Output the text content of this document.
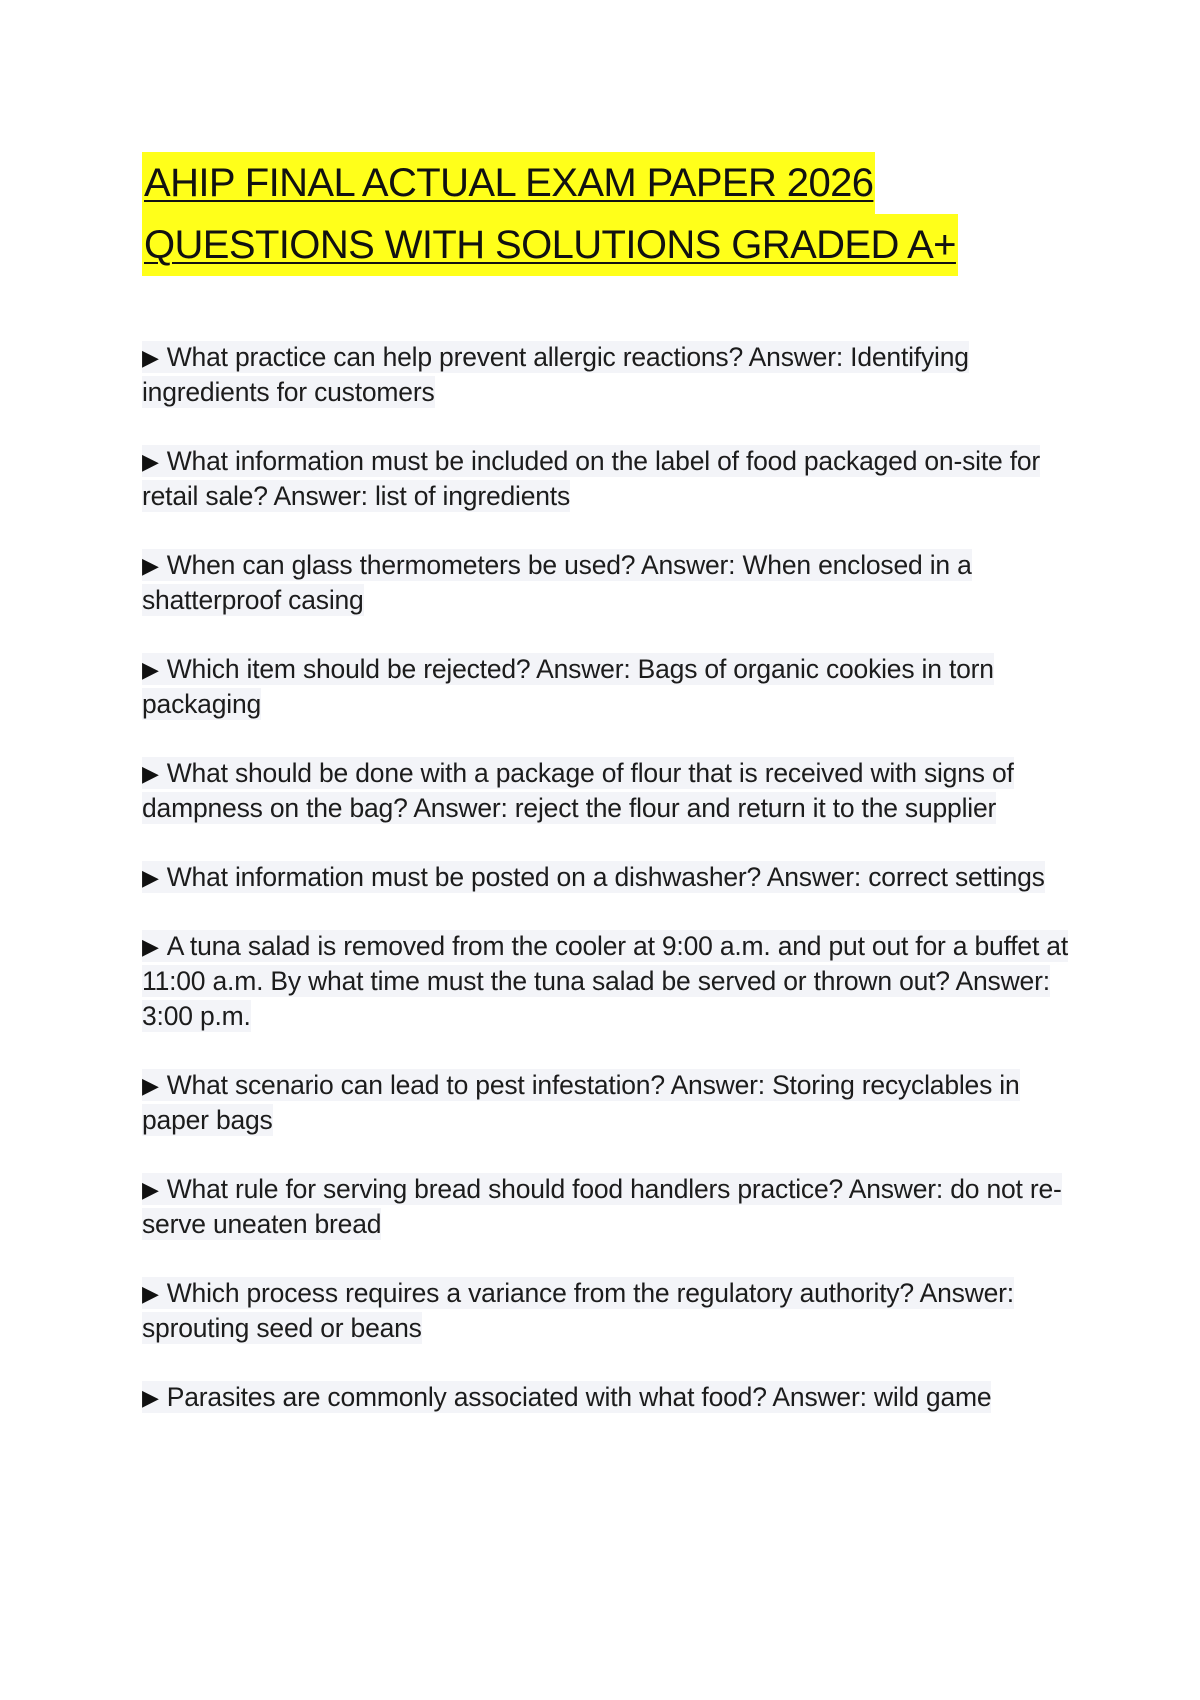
AHIP FINAL ACTUAL EXAM PAPER 2026
QUESTIONS WITH SOLUTIONS GRADED A+
▶ What practice can help prevent allergic reactions? Answer: Identifying ingredients for customers
▶ What information must be included on the label of food packaged on-site for retail sale? Answer: list of ingredients
▶ When can glass thermometers be used? Answer: When enclosed in a shatterproof casing
▶ Which item should be rejected? Answer: Bags of organic cookies in torn packaging
▶ What should be done with a package of flour that is received with signs of dampness on the bag? Answer: reject the flour and return it to the supplier
▶ What information must be posted on a dishwasher? Answer: correct settings
▶ A tuna salad is removed from the cooler at 9:00 a.m. and put out for a buffet at 11:00 a.m. By what time must the tuna salad be served or thrown out? Answer: 3:00 p.m.
▶ What scenario can lead to pest infestation? Answer: Storing recyclables in paper bags
▶ What rule for serving bread should food handlers practice? Answer: do not re-serve uneaten bread
▶ Which process requires a variance from the regulatory authority? Answer: sprouting seed or beans
▶ Parasites are commonly associated with what food? Answer: wild game
